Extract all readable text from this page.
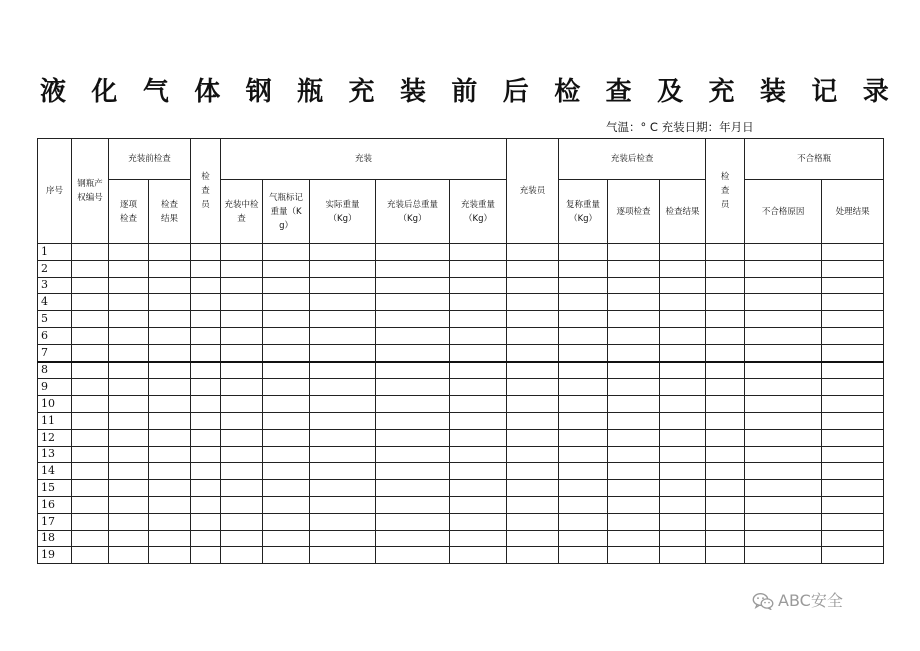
液 化 气 体 钢 瓶 充 装 前 后 检 查 及 充 装 记 录
气温：° C 充装日期：年月日
序号	钢瓶产权编号	充装前检查		检查员	充装					充装员	充装后检查			检查员	不合格瓶	
		逐项检查	检查结果		充装中检查	气瓶标记重量（Kg）	实际重量（Kg）	充装后总重量（Kg）	充装重量（Kg）		复称重量（Kg）	逐项检查	检查结果		不合格原因	处理结果
1																
2																
3																
4																
5																
6																
7																
8																
9																
10																
11																
12																
13																
14																
15																
16																
17																
18																
19																
ABC安全
